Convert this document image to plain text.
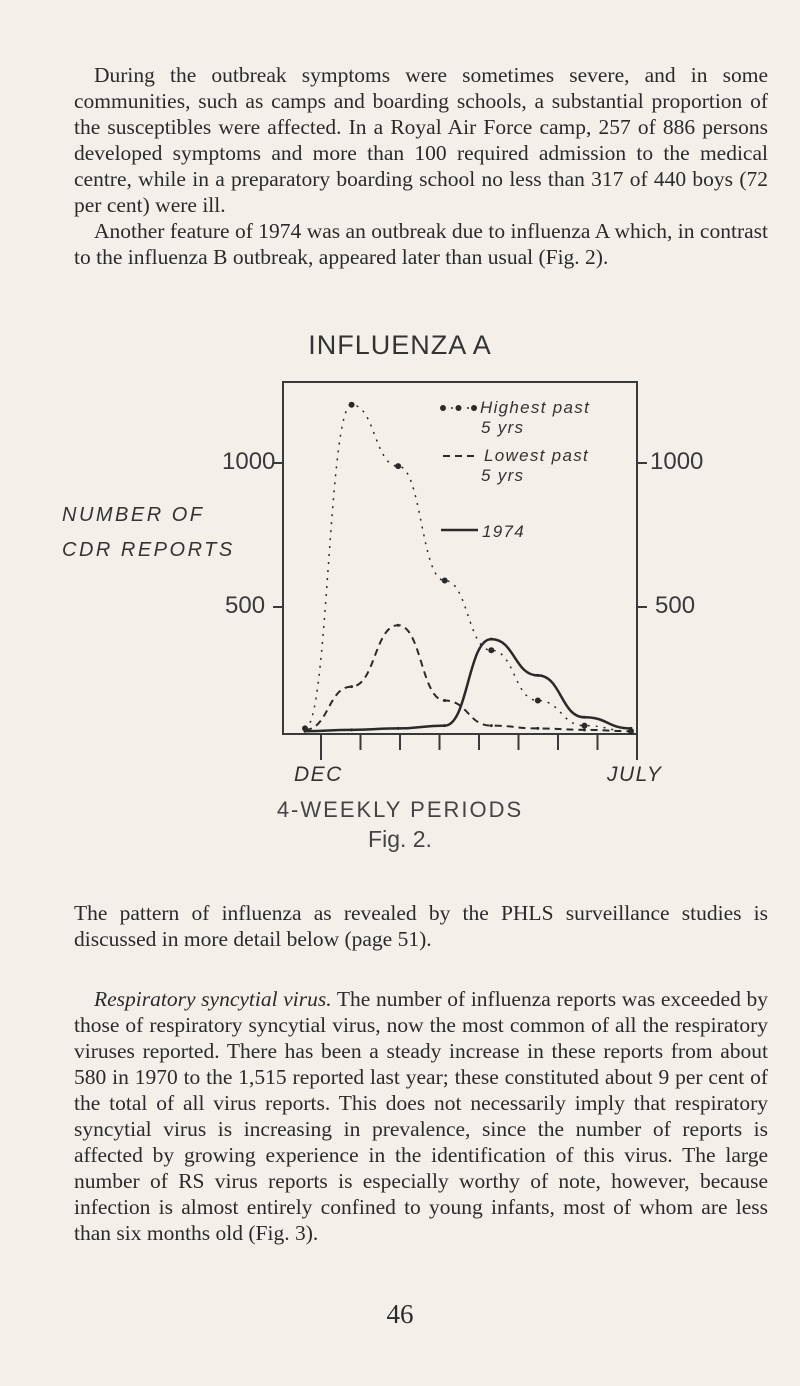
During the outbreak symptoms were sometimes severe, and in some communities, such as camps and boarding schools, a substantial proportion of the susceptibles were affected. In a Royal Air Force camp, 257 of 886 persons developed symptoms and more than 100 required admission to the medical centre, while in a preparatory boarding school no less than 317 of 440 boys (72 per cent) were ill.

Another feature of 1974 was an outbreak due to influenza A which, in contrast to the influenza B outbreak, appeared later than usual (Fig. 2).

INFLUENZA A
NUMBER OF
CDR REPORTS
1000
500
1000
500
Highest past
5 yrs
Lowest past
5 yrs
1974
DEC	JULY
4-WEEKLY PERIODS
Fig. 2.

The pattern of influenza as revealed by the PHLS surveillance studies is discussed in more detail below (page 51).

Respiratory syncytial virus. The number of influenza reports was exceeded by those of respiratory syncytial virus, now the most common of all the respiratory viruses reported. There has been a steady increase in these reports from about 580 in 1970 to the 1,515 reported last year; these constituted about 9 per cent of the total of all virus reports. This does not necessarily imply that respiratory syncytial virus is increasing in prevalence, since the number of reports is affected by growing experience in the identification of this virus. The large number of RS virus reports is especially worthy of note, however, because infection is almost entirely confined to young infants, most of whom are less than six months old (Fig. 3).

46
